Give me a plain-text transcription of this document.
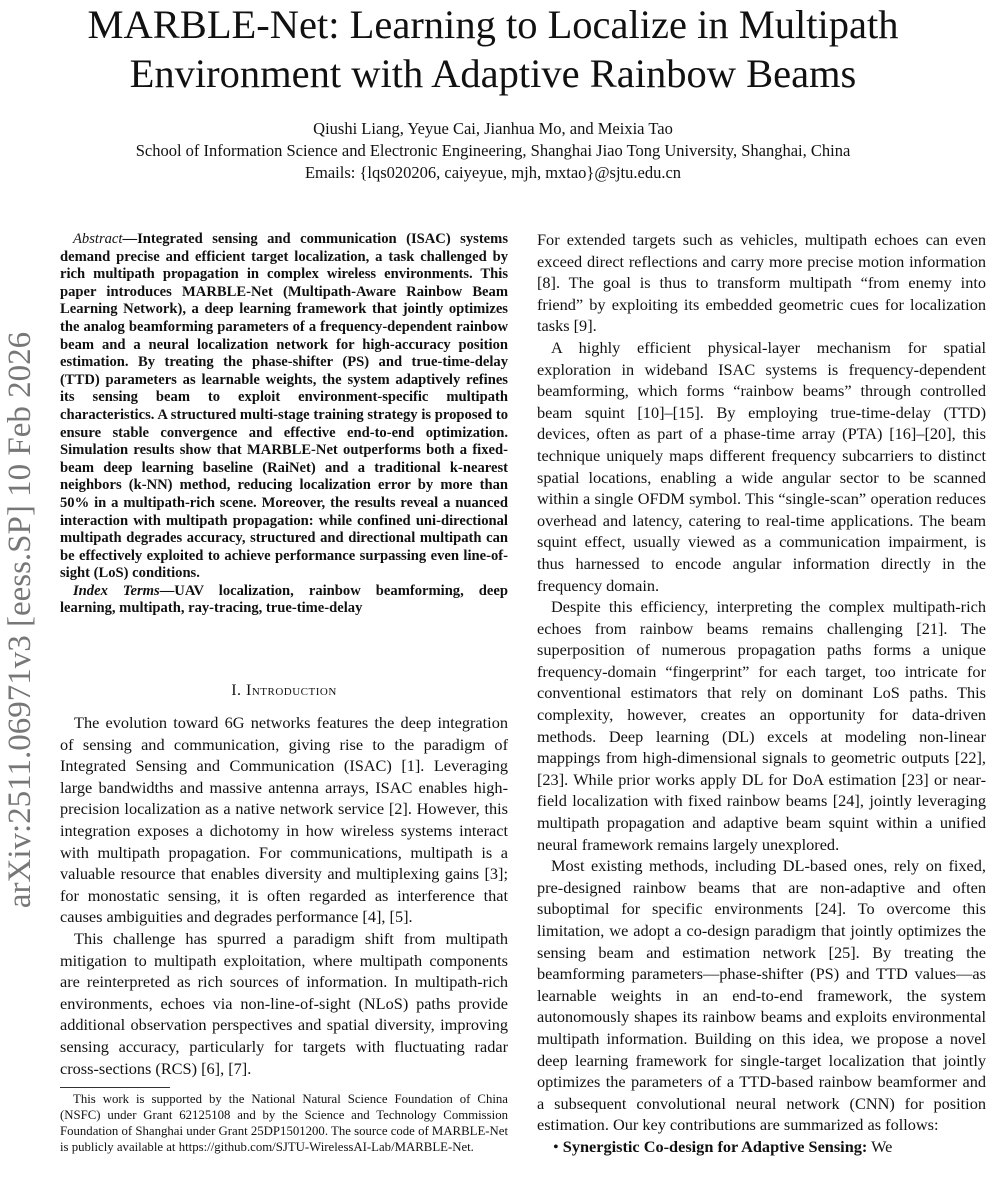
MARBLE-Net: Learning to Localize in Multipath
Environment with Adaptive Rainbow Beams
Qiushi Liang, Yeyue Cai, Jianhua Mo, and Meixia Tao
School of Information Science and Electronic Engineering, Shanghai Jiao Tong University, Shanghai, China
Emails: {lqs020206, caiyeyue, mjh, mxtao}@sjtu.edu.cn
arXiv:2511.06971v3 [eess.SP] 10 Feb 2026

Abstract—Integrated sensing and communication (ISAC) systems demand precise and efficient target localization, a task challenged by rich multipath propagation in complex wireless environments. This paper introduces MARBLE-Net (Multipath-Aware Rainbow Beam Learning Network), a deep learning framework that jointly optimizes the analog beamforming parameters of a frequency-dependent rainbow beam and a neural localization network for high-accuracy position estimation. By treating the phase-shifter (PS) and true-time-delay (TTD) parameters as learnable weights, the system adaptively refines its sensing beam to exploit environment-specific multipath characteristics. A structured multi-stage training strategy is proposed to ensure stable convergence and effective end-to-end optimization. Simulation results show that MARBLE-Net outperforms both a fixed-beam deep learning baseline (RaiNet) and a traditional k-nearest neighbors (k-NN) method, reducing localization error by more than 50% in a multipath-rich scene. Moreover, the results reveal a nuanced interaction with multipath propagation: while confined uni-directional multipath degrades accuracy, structured and directional multipath can be effectively exploited to achieve performance surpassing even line-of-sight (LoS) conditions.

Index Terms—UAV localization, rainbow beamforming, deep learning, multipath, ray-tracing, true-time-delay

I. Introduction

The evolution toward 6G networks features the deep integration of sensing and communication, giving rise to the paradigm of Integrated Sensing and Communication (ISAC) [1]. Leveraging large bandwidths and massive antenna arrays, ISAC enables high-precision localization as a native network service [2]. However, this integration exposes a dichotomy in how wireless systems interact with multipath propagation. For communications, multipath is a valuable resource that enables diversity and multiplexing gains [3]; for monostatic sensing, it is often regarded as interference that causes ambiguities and degrades performance [4], [5].

This challenge has spurred a paradigm shift from multipath mitigation to multipath exploitation, where multipath components are reinterpreted as rich sources of information. In multipath-rich environments, echoes via non-line-of-sight (NLoS) paths provide additional observation perspectives and spatial diversity, improving sensing accuracy, particularly for targets with fluctuating radar cross-sections (RCS) [6], [7].

This work is supported by the National Natural Science Foundation of China (NSFC) under Grant 62125108 and by the Science and Technology Commission Foundation of Shanghai under Grant 25DP1501200. The source code of MARBLE-Net is publicly available at https://github.com/SJTU-WirelessAI-Lab/MARBLE-Net.

For extended targets such as vehicles, multipath echoes can even exceed direct reflections and carry more precise motion information [8]. The goal is thus to transform multipath “from enemy into friend” by exploiting its embedded geometric cues for localization tasks [9].

A highly efficient physical-layer mechanism for spatial exploration in wideband ISAC systems is frequency-dependent beamforming, which forms “rainbow beams” through controlled beam squint [10]–[15]. By employing true-time-delay (TTD) devices, often as part of a phase-time array (PTA) [16]–[20], this technique uniquely maps different frequency subcarriers to distinct spatial locations, enabling a wide angular sector to be scanned within a single OFDM symbol. This “single-scan” operation reduces overhead and latency, catering to real-time applications. The beam squint effect, usually viewed as a communication impairment, is thus harnessed to encode angular information directly in the frequency domain.

Despite this efficiency, interpreting the complex multipath-rich echoes from rainbow beams remains challenging [21]. The superposition of numerous propagation paths forms a unique frequency-domain “fingerprint” for each target, too intricate for conventional estimators that rely on dominant LoS paths. This complexity, however, creates an opportunity for data-driven methods. Deep learning (DL) excels at modeling non-linear mappings from high-dimensional signals to geometric outputs [22], [23]. While prior works apply DL for DoA estimation [23] or near-field localization with fixed rainbow beams [24], jointly leveraging multipath propagation and adaptive beam squint within a unified neural framework remains largely unexplored.

Most existing methods, including DL-based ones, rely on fixed, pre-designed rainbow beams that are non-adaptive and often suboptimal for specific environments [24]. To overcome this limitation, we adopt a co-design paradigm that jointly optimizes the sensing beam and estimation network [25]. By treating the beamforming parameters—phase-shifter (PS) and TTD values—as learnable weights in an end-to-end framework, the system autonomously shapes its rainbow beams and exploits environmental multipath information. Building on this idea, we propose a novel deep learning framework for single-target localization that jointly optimizes the parameters of a TTD-based rainbow beamformer and a subsequent convolutional neural network (CNN) for position estimation. Our key contributions are summarized as follows:

• Synergistic Co-design for Adaptive Sensing: We
